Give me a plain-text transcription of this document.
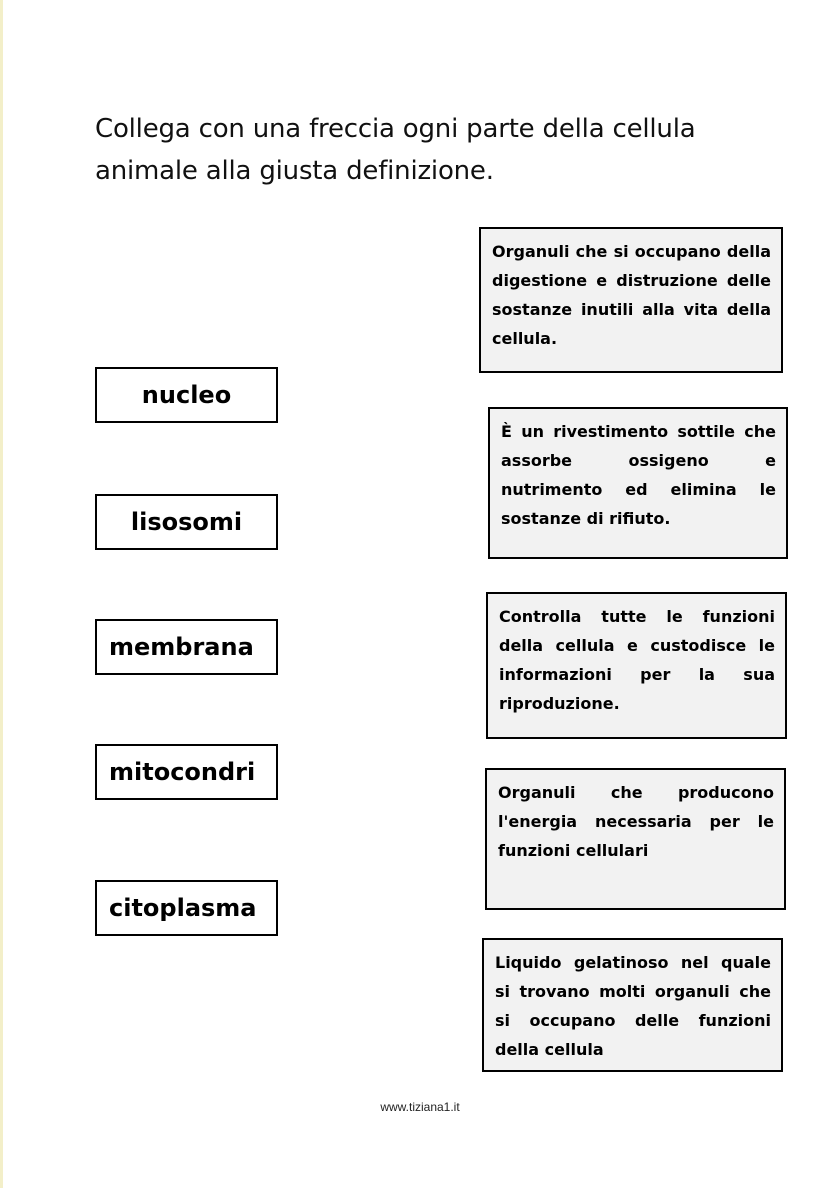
Collega con una freccia ogni parte della cellula animale alla giusta definizione.
nucleo
lisosomi
membrana
mitocondri
citoplasma
Organuli che si occupano della digestione e distruzione delle sostanze inutili alla vita della cellula.
È un rivestimento sottile che assorbe ossigeno e nutrimento ed elimina le sostanze di rifiuto.
Controlla tutte le funzioni della cellula e custodisce le informazioni per la sua riproduzione.
Organuli che producono l'energia necessaria per le funzioni cellulari
Liquido gelatinoso nel quale si trovano molti organuli che si occupano delle funzioni della cellula
www.tiziana1.it
